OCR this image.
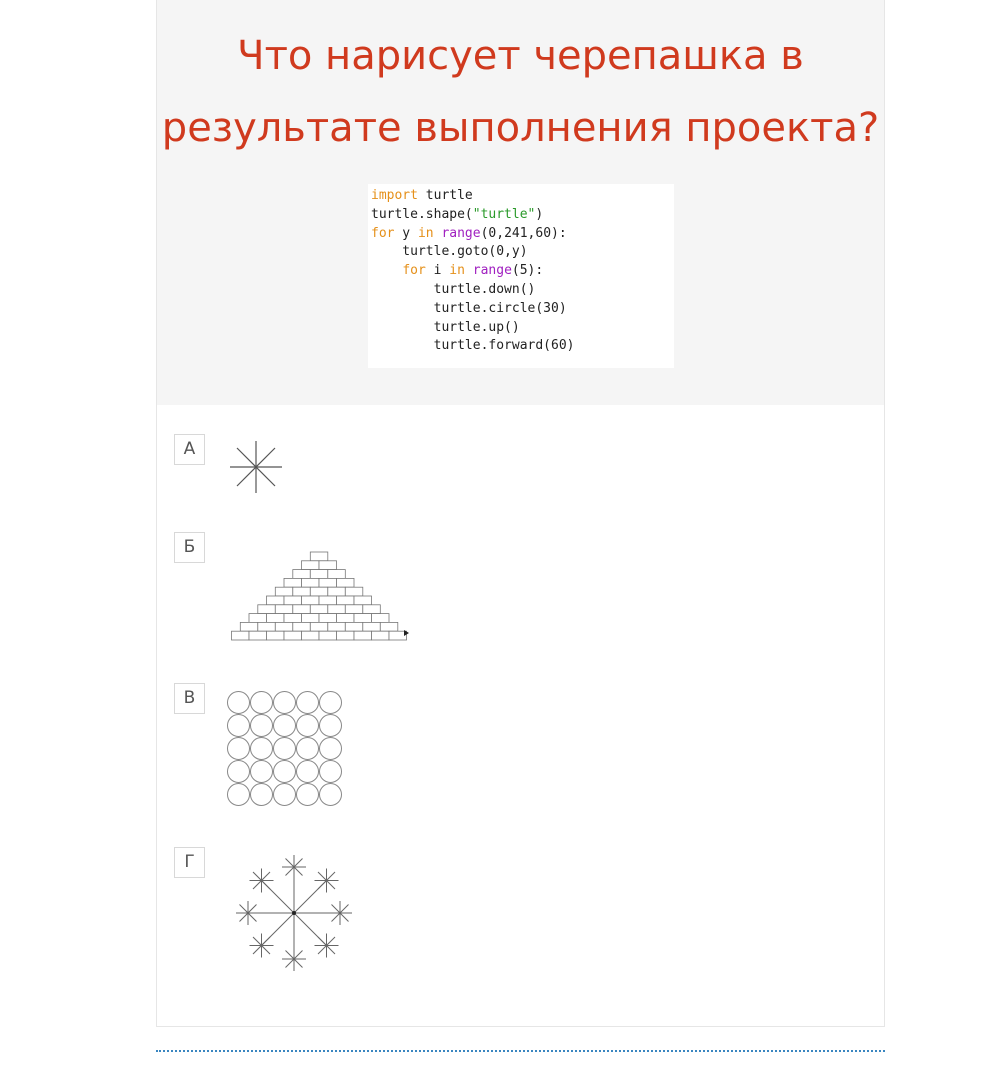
Что нарисует черепашка в
результате выполнения проекта?
import turtle
turtle.shape("turtle")
for y in range(0,241,60):
turtle.goto(0,y)
for i in range(5):
turtle.down()
turtle.circle(30)
turtle.up()
turtle.forward(60)
А
Б
В
Г
